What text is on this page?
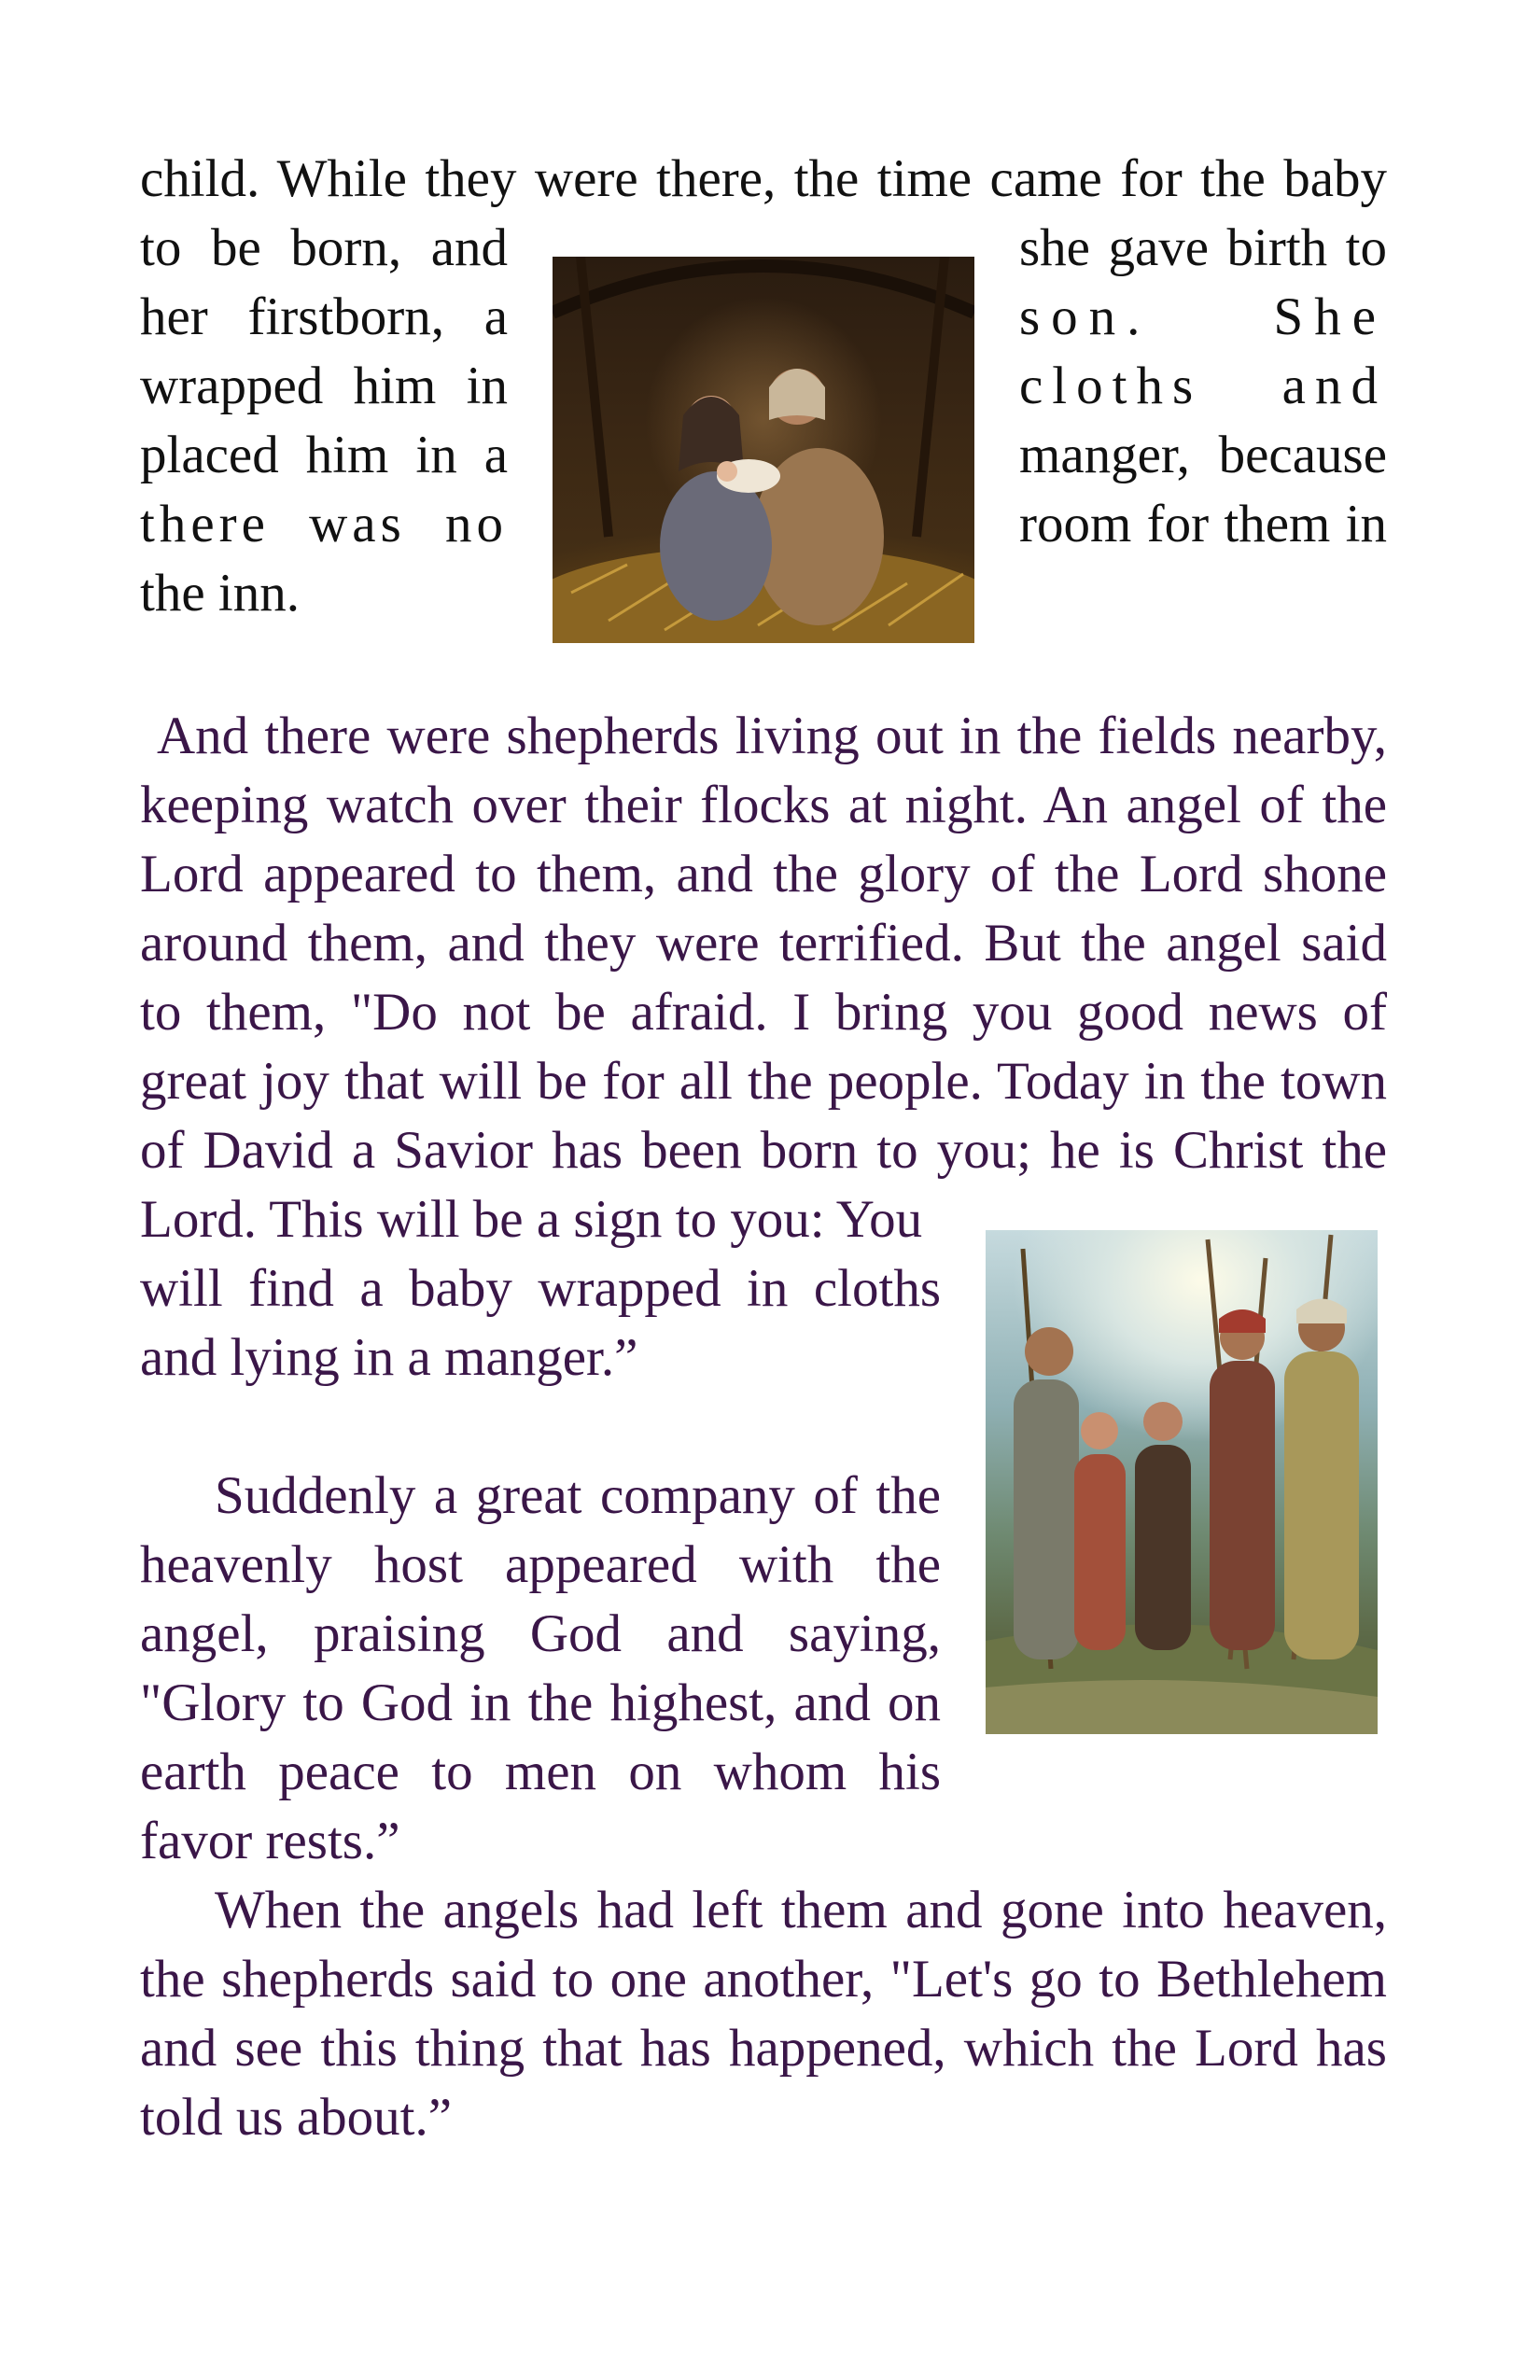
child. While they were there, the time came for the baby
to be born, and
her firstborn, a
wrapped him in
placed him in a
there was no
the inn.
she gave birth to
son. She
cloths and
manger, because
room for them in
And there were shepherds living out in the fields nearby,
keeping watch over their flocks at night. An angel of the
Lord appeared to them, and the glory of the Lord shone
around them, and they were terrified. But the angel said
to them, "Do not be afraid. I bring you good news of
great joy that will be for all the people. Today in the town
of David a Savior has been born to you; he is Christ the
Lord. This will be a sign to you: You
will find a baby wrapped in cloths
and lying in a manger.”
Suddenly a great company of the
heavenly host appeared with the
angel, praising God and saying,
"Glory to God in the highest, and on
earth peace to men on whom his
favor rests.”
When the angels had left them and gone into heaven,
the shepherds said to one another, "Let's go to Bethlehem
and see this thing that has happened, which the Lord has
told us about.”
